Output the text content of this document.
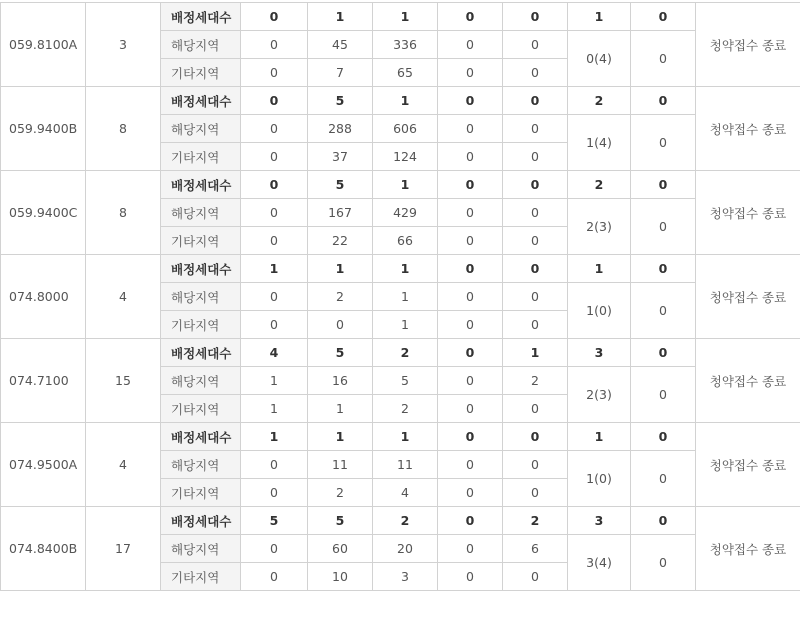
059.8100A	3	배정세대수	0	1	1	0	0	1	0	청약접수 종료
		해당지역	0	45	336	0	0	0(4)	0	
		기타지역	0	7	65	0	0			
059.9400B	8	배정세대수	0	5	1	0	0	2	0	청약접수 종료
		해당지역	0	288	606	0	0	1(4)	0	
		기타지역	0	37	124	0	0			
059.9400C	8	배정세대수	0	5	1	0	0	2	0	청약접수 종료
		해당지역	0	167	429	0	0	2(3)	0	
		기타지역	0	22	66	0	0			
074.8000	4	배정세대수	1	1	1	0	0	1	0	청약접수 종료
		해당지역	0	2	1	0	0	1(0)	0	
		기타지역	0	0	1	0	0			
074.7100	15	배정세대수	4	5	2	0	1	3	0	청약접수 종료
		해당지역	1	16	5	0	2	2(3)	0	
		기타지역	1	1	2	0	0			
074.9500A	4	배정세대수	1	1	1	0	0	1	0	청약접수 종료
		해당지역	0	11	11	0	0	1(0)	0	
		기타지역	0	2	4	0	0			
074.8400B	17	배정세대수	5	5	2	0	2	3	0	청약접수 종료
		해당지역	0	60	20	0	6	3(4)	0	
		기타지역	0	10	3	0	0			
